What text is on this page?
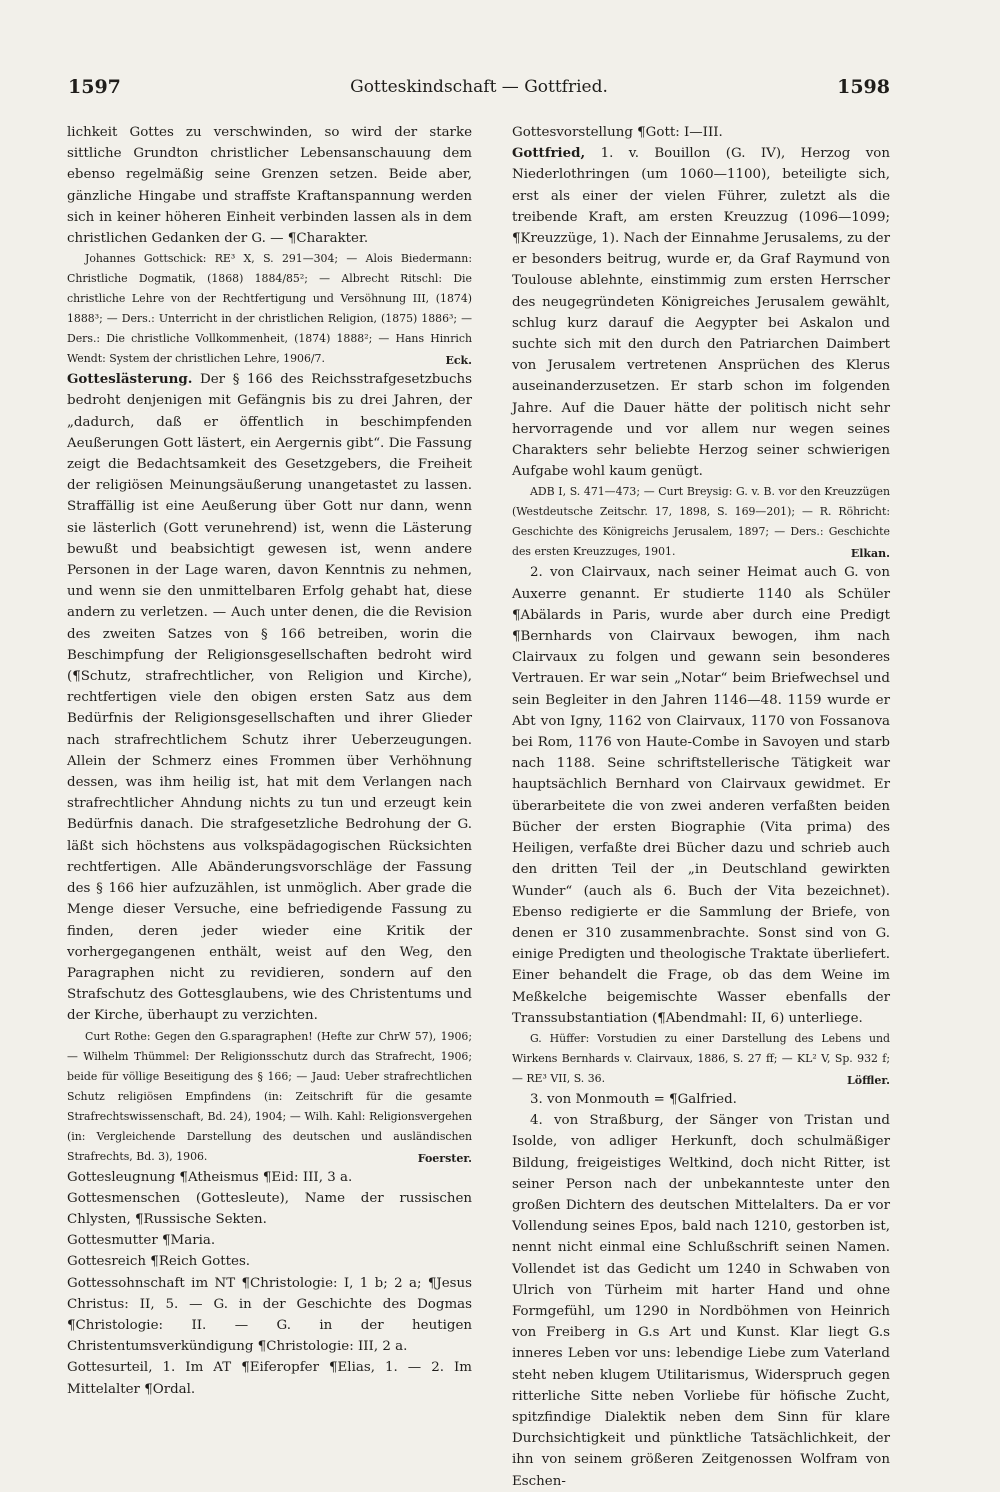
1597	Gotteskindschaft — Gottfried.	1598

lichkeit Gottes zu verschwinden, so wird der starke sittliche Grundton christlicher Lebensanschauung dem ebenso regelmäßig seine Grenzen setzen. Beide aber, gänzliche Hingabe und straffste Kraftanspannung werden sich in keiner höheren Einheit verbinden lassen als in dem christlichen Gedanken der G. — ¶Charakter.

Johannes Gottschick: RE³ X, S. 291—304; — Alois Biedermann: Christliche Dogmatik, (1868) 1884/85²; — Albrecht Ritschl: Die christliche Lehre von der Rechtfertigung und Versöhnung III, (1874) 1888³; — Ders.: Unterricht in der christlichen Religion, (1875) 1886³; — Ders.: Die christliche Vollkommenheit, (1874) 1888²; — Hans Hinrich Wendt: System der christlichen Lehre, 1906/7.	Eck.

Gotteslästerung. Der § 166 des Reichsstrafgesetzbuchs bedroht denjenigen mit Gefängnis bis zu drei Jahren, der „dadurch, daß er öffentlich in beschimpfenden Aeußerungen Gott lästert, ein Aergernis gibt“. Die Fassung zeigt die Bedachtsamkeit des Gesetzgebers, die Freiheit der religiösen Meinungsäußerung unangetastet zu lassen. Straffällig ist eine Aeußerung über Gott nur dann, wenn sie lästerlich (Gott verunehrend) ist, wenn die Lästerung bewußt und beabsichtigt gewesen ist, wenn andere Personen in der Lage waren, davon Kenntnis zu nehmen, und wenn sie den unmittelbaren Erfolg gehabt hat, diese andern zu verletzen. — Auch unter denen, die die Revision des zweiten Satzes von § 166 betreiben, worin die Beschimpfung der Religionsgesellschaften bedroht wird (¶Schutz, strafrechtlicher, von Religion und Kirche), rechtfertigen viele den obigen ersten Satz aus dem Bedürfnis der Religionsgesellschaften und ihrer Glieder nach strafrechtlichem Schutz ihrer Ueberzeugungen. Allein der Schmerz eines Frommen über Verhöhnung dessen, was ihm heilig ist, hat mit dem Verlangen nach strafrechtlicher Ahndung nichts zu tun und erzeugt kein Bedürfnis danach. Die strafgesetzliche Bedrohung der G. läßt sich höchstens aus volkspädagogischen Rücksichten rechtfertigen. Alle Abänderungsvorschläge der Fassung des § 166 hier aufzuzählen, ist unmöglich. Aber grade die Menge dieser Versuche, eine befriedigende Fassung zu finden, deren jeder wieder eine Kritik der vorhergegangenen enthält, weist auf den Weg, den Paragraphen nicht zu revidieren, sondern auf den Strafschutz des Gottesglaubens, wie des Christentums und der Kirche, überhaupt zu verzichten.

Curt Rothe: Gegen den G.sparagraphen! (Hefte zur ChrW 57), 1906; — Wilhelm Thümmel: Der Religionsschutz durch das Strafrecht, 1906; beide für völlige Beseitigung des § 166; — Jaud: Ueber strafrechtlichen Schutz religiösen Empfindens (in: Zeitschrift für die gesamte Strafrechtswissenschaft, Bd. 24), 1904; — Wilh. Kahl: Religionsvergehen (in: Vergleichende Darstellung des deutschen und ausländischen Strafrechts, Bd. 3), 1906.	Foerster.

Gottesleugnung ¶Atheismus ¶Eid: III, 3 a.

Gottesmenschen (Gottesleute), Name der russischen Chlysten, ¶Russische Sekten.

Gottesmutter ¶Maria.

Gottesreich ¶Reich Gottes.

Gottessohnschaft im NT ¶Christologie: I, 1 b; 2 a; ¶Jesus Christus: II, 5. — G. in der Geschichte des Dogmas ¶Christologie: II. — G. in der heutigen Christentumsverkündigung ¶Christologie: III, 2 a.

Gottesurteil, 1. Im AT ¶Eiferopfer ¶Elias, 1. — 2. Im Mittelalter ¶Ordal.

Gottesvorstellung ¶Gott: I—III.

Gottfried, 1. v. Bouillon (G. IV), Herzog von Niederlothringen (um 1060—1100), beteiligte sich, erst als einer der vielen Führer, zuletzt als die treibende Kraft, am ersten Kreuzzug (1096—1099; ¶Kreuzzüge, 1). Nach der Einnahme Jerusalems, zu der er besonders beitrug, wurde er, da Graf Raymund von Toulouse ablehnte, einstimmig zum ersten Herrscher des neugegründeten Königreiches Jerusalem gewählt, schlug kurz darauf die Aegypter bei Askalon und suchte sich mit den durch den Patriarchen Daimbert von Jerusalem vertretenen Ansprüchen des Klerus auseinanderzusetzen. Er starb schon im folgenden Jahre. Auf die Dauer hätte der politisch nicht sehr hervorragende und vor allem nur wegen seines Charakters sehr beliebte Herzog seiner schwierigen Aufgabe wohl kaum genügt.

ADB I, S. 471—473; — Curt Breysig: G. v. B. vor den Kreuzzügen (Westdeutsche Zeitschr. 17, 1898, S. 169—201); — R. Röhricht: Geschichte des Königreichs Jerusalem, 1897; — Ders.: Geschichte des ersten Kreuzzuges, 1901.	Elkan.

2. von Clairvaux, nach seiner Heimat auch G. von Auxerre genannt. Er studierte 1140 als Schüler ¶Abälards in Paris, wurde aber durch eine Predigt ¶Bernhards von Clairvaux bewogen, ihm nach Clairvaux zu folgen und gewann sein besonderes Vertrauen. Er war sein „Notar“ beim Briefwechsel und sein Begleiter in den Jahren 1146—48. 1159 wurde er Abt von Igny, 1162 von Clairvaux, 1170 von Fossanova bei Rom, 1176 von Haute-Combe in Savoyen und starb nach 1188. Seine schriftstellerische Tätigkeit war hauptsächlich Bernhard von Clairvaux gewidmet. Er überarbeitete die von zwei anderen verfaßten beiden Bücher der ersten Biographie (Vita prima) des Heiligen, verfaßte drei Bücher dazu und schrieb auch den dritten Teil der „in Deutschland gewirkten Wunder“ (auch als 6. Buch der Vita bezeichnet). Ebenso redigierte er die Sammlung der Briefe, von denen er 310 zusammenbrachte. Sonst sind von G. einige Predigten und theologische Traktate überliefert. Einer behandelt die Frage, ob das dem Weine im Meßkelche beigemischte Wasser ebenfalls der Transsubstantiation (¶Abendmahl: II, 6) unterliege.

G. Hüffer: Vorstudien zu einer Darstellung des Lebens und Wirkens Bernhards v. Clairvaux, 1886, S. 27 ff; — KL² V, Sp. 932 f; — RE³ VII, S. 36.	Löffler.

3. von Monmouth = ¶Galfried.

4. von Straßburg, der Sänger von Tristan und Isolde, von adliger Herkunft, doch schulmäßiger Bildung, freigeistiges Weltkind, doch nicht Ritter, ist seiner Person nach der unbekannteste unter den großen Dichtern des deutschen Mittelalters. Da er vor Vollendung seines Epos, bald nach 1210, gestorben ist, nennt nicht einmal eine Schlußschrift seinen Namen. Vollendet ist das Gedicht um 1240 in Schwaben von Ulrich von Türheim mit harter Hand und ohne Formgefühl, um 1290 in Nordböhmen von Heinrich von Freiberg in G.s Art und Kunst. Klar liegt G.s inneres Leben vor uns: lebendige Liebe zum Vaterland steht neben klugem Utilitarismus, Widerspruch gegen ritterliche Sitte neben Vorliebe für höfische Zucht, spitzfindige Dialektik neben dem Sinn für klare Durchsichtigkeit und pünktliche Tatsächlichkeit, der ihn von seinem größeren Zeitgenossen Wolfram von Eschen-
